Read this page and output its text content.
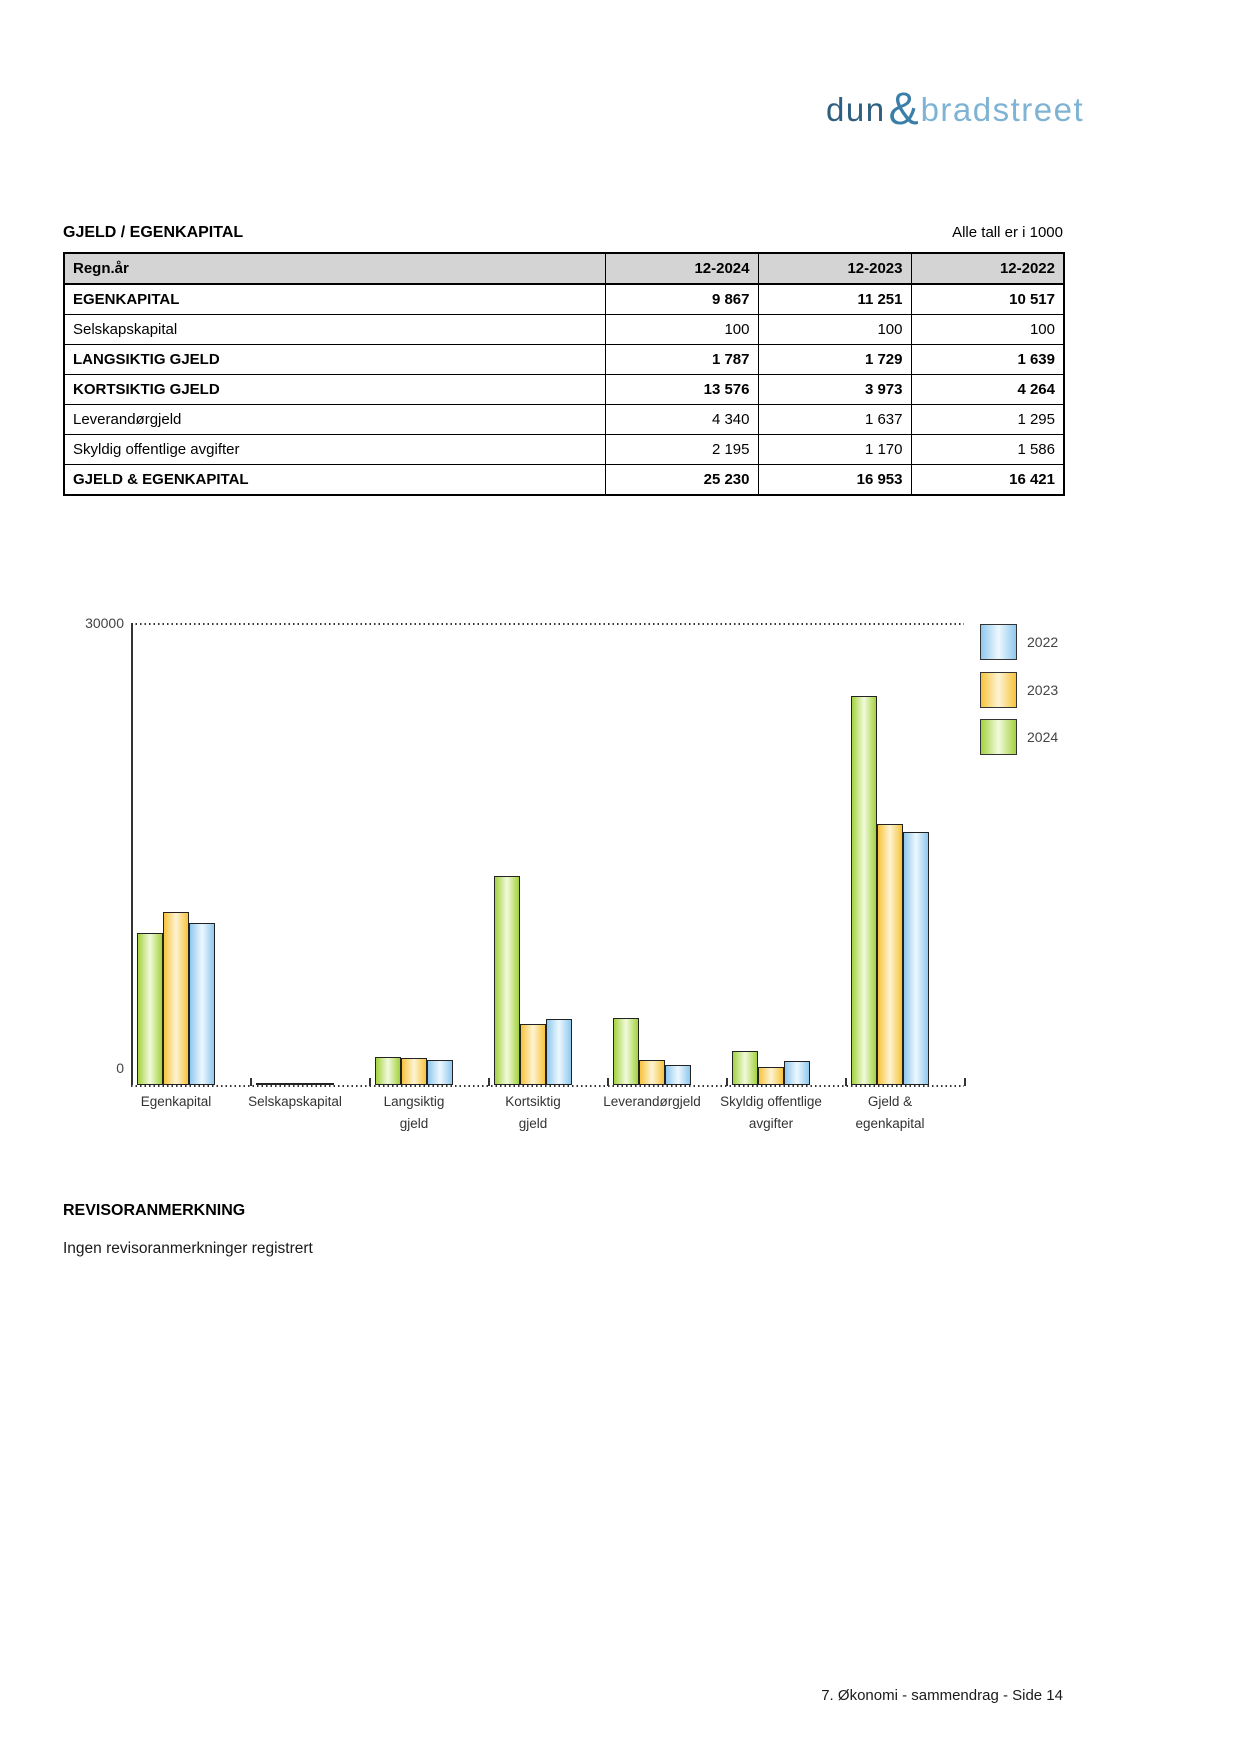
dun & bradstreet
GJELD / EGENKAPITAL	Alle tall er i 1000
Regn.år	12-2024	12-2023	12-2022
EGENKAPITAL	9 867	11 251	10 517
Selskapskapital	100	100	100
LANGSIKTIG GJELD	1 787	1 729	1 639
KORTSIKTIG GJELD	13 576	3 973	4 264
Leverandørgjeld	4 340	1 637	1 295
Skyldig offentlige avgifter	2 195	1 170	1 586
GJELD & EGENKAPITAL	25 230	16 953	16 421
30000
0
Egenkapital	Selskapskapital	Langsiktig
gjeld
Kortsiktig
gjeld
Leverandørgjeld	Skyldig offentlige
avgifter
Gjeld &
egenkapital
2022
2023
2024
REVISORANMERKNING
Ingen revisoranmerkninger registrert
7. Økonomi - sammendrag - Side 14
